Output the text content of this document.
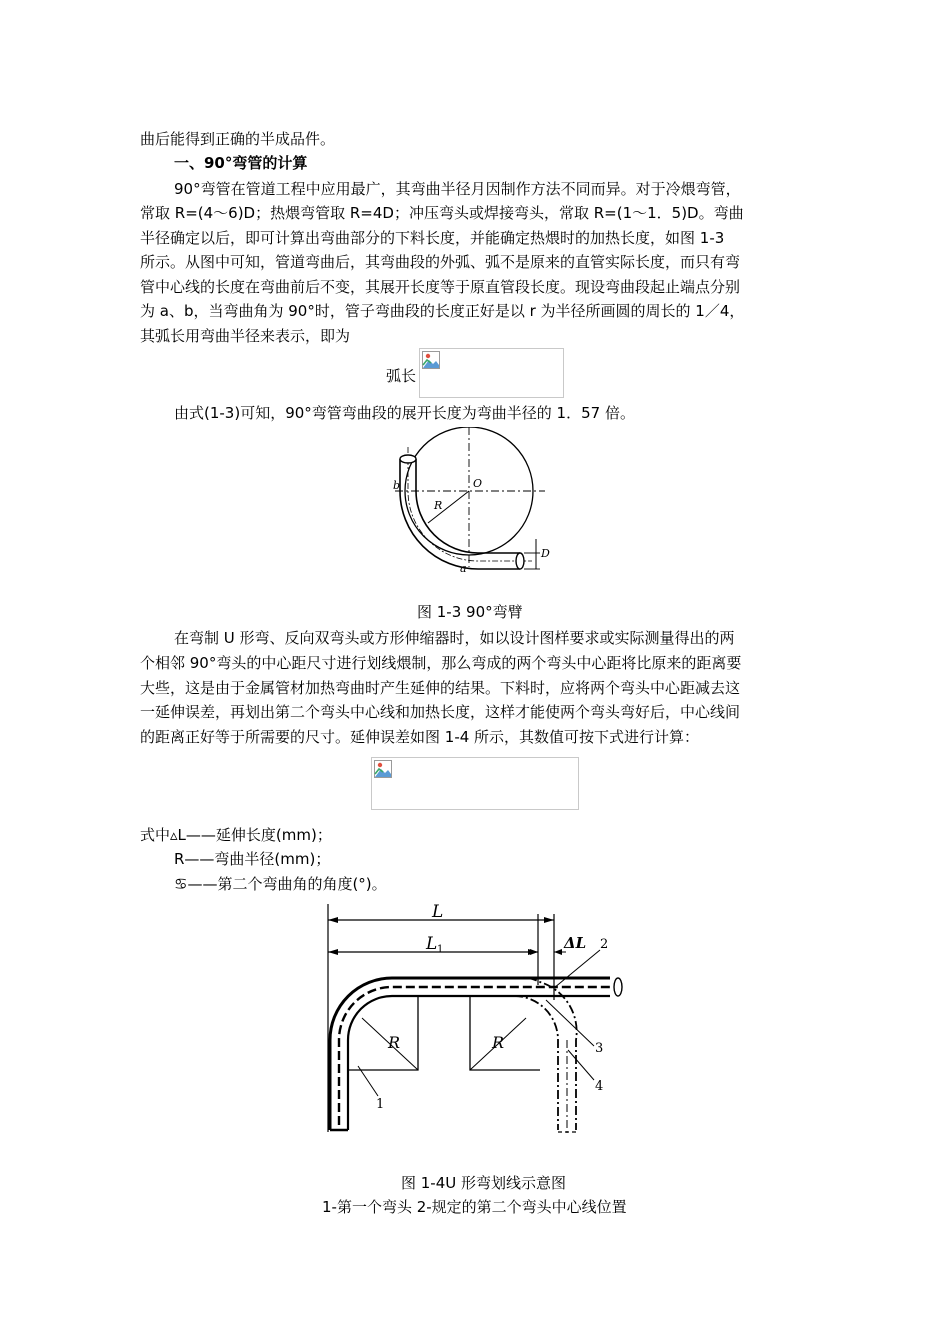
曲后能得到正确的半成品件。
一、90°弯管的计算
90°弯管在管道工程中应用最广，其弯曲半径月因制作方法不同而异。对于冷煨弯管，
常取 R=(4～6)D；热煨弯管取 R=4D；冲压弯头或焊接弯头，常取 R=(1～1．5)D。弯曲
半径确定以后，即可计算出弯曲部分的下料长度，并能确定热煨时的加热长度，如图 1-3
所示。从图中可知，管道弯曲后，其弯曲段的外弧、弧不是原来的直管实际长度，而只有弯
管中心线的长度在弯曲前后不变，其展开长度等于原直管段长度。现设弯曲段起止端点分别
为 a、b，当弯曲角为 90°时，管子弯曲段的长度正好是以 r 为半径所画圆的周长的 1／4，
其弧长用弯曲半径来表示，即为
弧长
由式(1-3)可知，90°弯管弯曲段的展开长度为弯曲半径的 1．57 倍。
b	O
R
D
a
图 1-3 90°弯臂
在弯制 U 形弯、反向双弯头或方形伸缩器时，如以设计图样要求或实际测量得出的两
个相邻 90°弯头的中心距尺寸进行划线煨制，那么弯成的两个弯头中心距将比原来的距离要
大些，这是由于金属管材加热弯曲时产生延伸的结果。下料时，应将两个弯头中心距减去这
一延伸误差，再划出第二个弯头中心线和加热长度，这样才能使两个弯头弯好后，中心线间
的距离正好等于所需要的尺寸。延伸误差如图 1-4 所示，其数值可按下式进行计算：
式中▵L——延伸长度(mm)；
R——弯曲半径(mm)；
♋——第二个弯曲角的角度(°)。
L
L 1	ΔL
R	R
1
2
3
4
图 1-4U 形弯划线示意图
1-第一个弯头 2-规定的第二个弯头中心线位置
